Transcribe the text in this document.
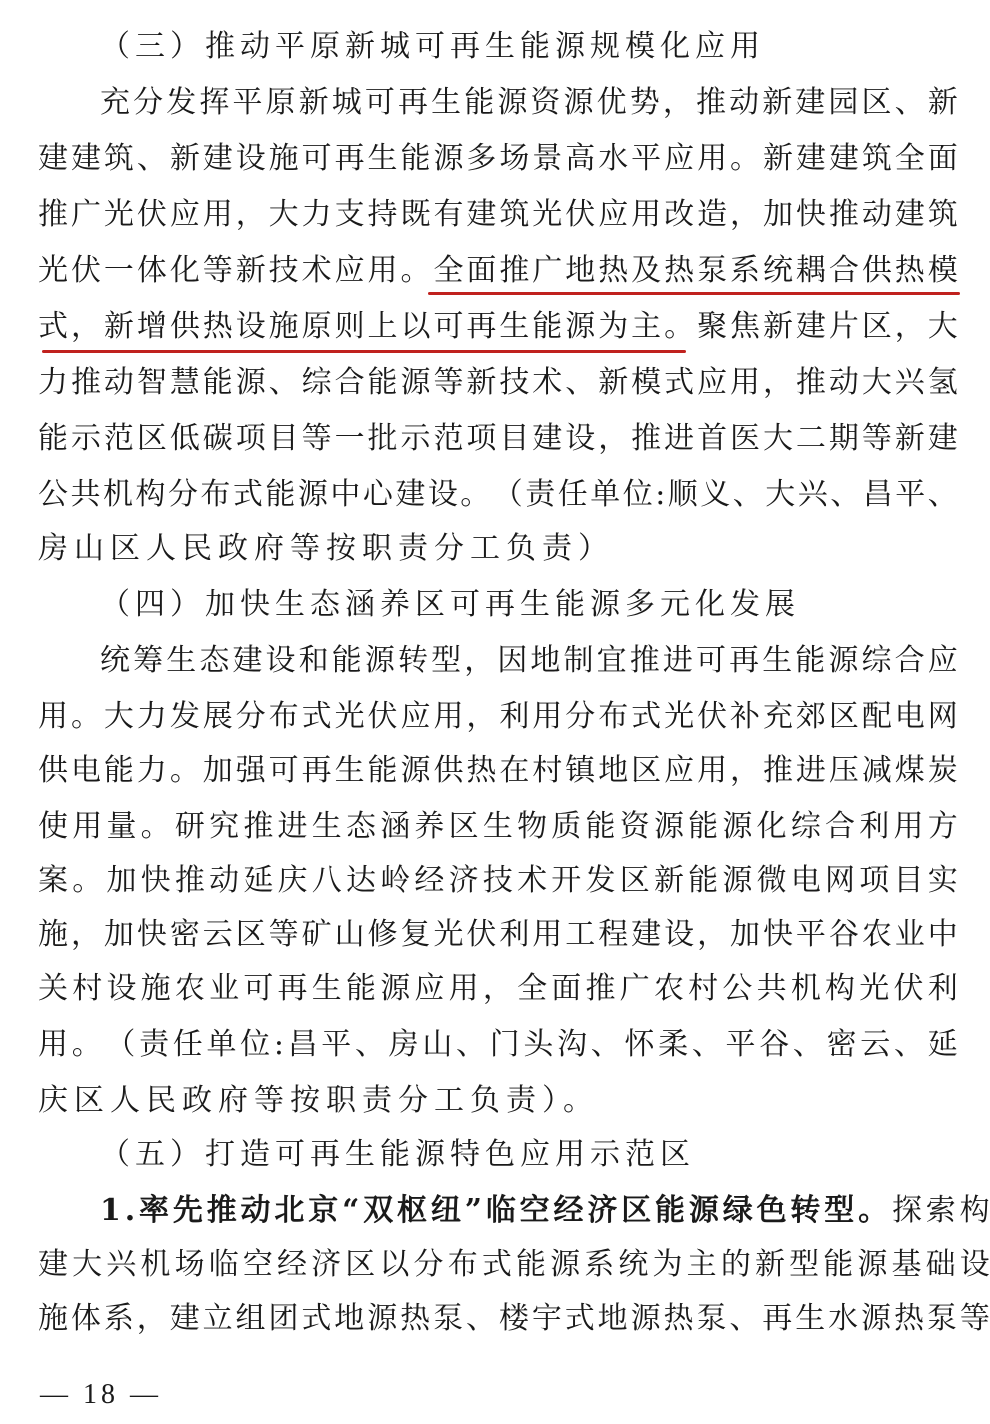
（三）推动平原新城可再生能源规模化应用
充 分 发 挥 平 原 新 城 可 再 生 能 源 资 源 优 势 ， 推 动 新 建 园 区 、 新
建 建 筑 、 新 建 设 施 可 再 生 能 源 多 场 景 高 水 平 应 用 。 新 建 建 筑 全 面
推 广 光 伏 应 用 ， 大 力 支 持 既 有 建 筑 光 伏 应 用 改 造 ， 加 快 推 动 建 筑
光 伏 一 体 化 等 新 技 术 应 用 。 全 面 推 广 地 热 及 热 泵 系 统 耦 合 供 热 模
式 ， 新 增 供 热 设 施 原 则 上 以 可 再 生 能 源 为 主 。 聚 焦 新 建 片 区 ， 大
力 推 动 智 慧 能 源 、 综 合 能 源 等 新 技 术 、 新 模 式 应 用 ， 推 动 大 兴 氢
能 示 范 区 低 碳 项 目 等 一 批 示 范 项 目 建 设 ， 推 进 首 医 大 二 期 等 新 建
公 共 机 构 分 布 式 能 源 中 心 建 设 。 （ 责 任 单 位 : 顺 义 、 大 兴 、 昌 平 、
房山区人民政府等按职责分工负责）
（四）加快生态涵养区可再生能源多元化发展
统 筹 生 态 建 设 和 能 源 转 型 ， 因 地 制 宜 推 进 可 再 生 能 源 综 合 应
用 。 大 力 发 展 分 布 式 光 伏 应 用 ， 利 用 分 布 式 光 伏 补 充 郊 区 配 电 网
供 电 能 力 。 加 强 可 再 生 能 源 供 热 在 村 镇 地 区 应 用 ， 推 进 压 减 煤 炭
使 用 量 。 研 究 推 进 生 态 涵 养 区 生 物 质 能 资 源 能 源 化 综 合 利 用 方
案 。 加 快 推 动 延 庆 八 达 岭 经 济 技 术 开 发 区 新 能 源 微 电 网 项 目 实
施 ， 加 快 密 云 区 等 矿 山 修 复 光 伏 利 用 工 程 建 设 ， 加 快 平 谷 农 业 中
关 村 设 施 农 业 可 再 生 能 源 应 用 ， 全 面 推 广 农 村 公 共 机 构 光 伏 利
用 。 （ 责 任 单 位 : 昌 平 、 房 山 、 门 头 沟 、 怀 柔 、 平 谷 、 密 云 、 延
庆区人民政府等按职责分工负责）。
（五）打造可再生能源特色应用示范区
1 . 率 先 推 动 北 京 “ 双 枢 纽 ” 临 空 经 济 区 能 源 绿 色 转 型 。 探 索 构
建 大 兴 机 场 临 空 经 济 区 以 分 布 式 能 源 系 统 为 主 的 新 型 能 源 基 础 设
施 体 系 ， 建 立 组 团 式 地 源 热 泵 、 楼 宇 式 地 源 热 泵 、 再 生 水 源 热 泵 等
— 18 —
